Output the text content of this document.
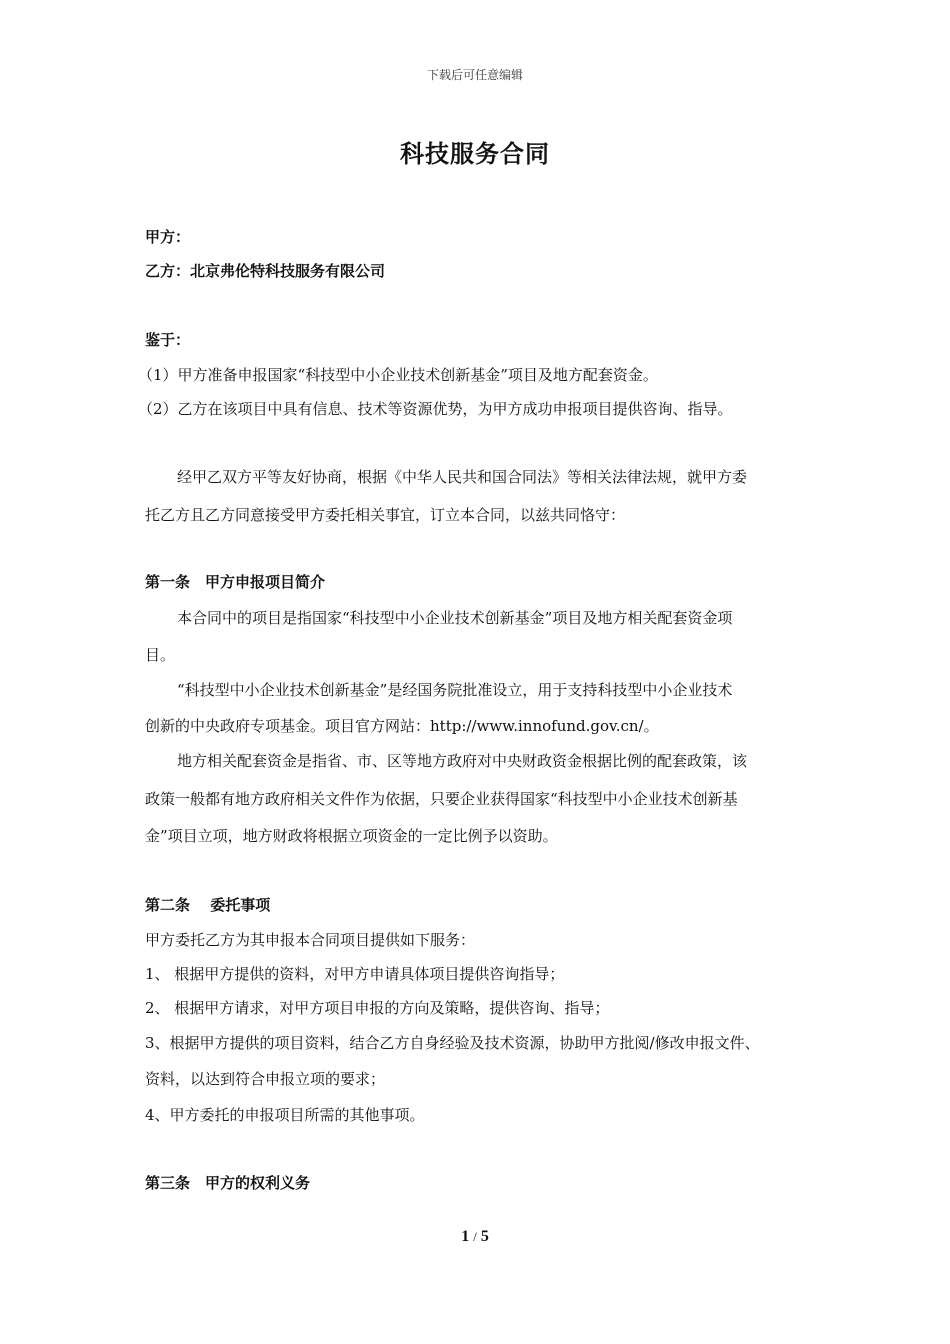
下载后可任意编辑
科技服务合同
甲方：
乙方：北京弗伦特科技服务有限公司
鉴于：
（1）甲方准备申报国家“科技型中小企业技术创新基金”项目及地方配套资金。
（2）乙方在该项目中具有信息、技术等资源优势，为甲方成功申报项目提供咨询、指导。
经甲乙双方平等友好协商，根据《中华人民共和国合同法》等相关法律法规，就甲方委
托乙方且乙方同意接受甲方委托相关事宜，订立本合同，以兹共同恪守：
第一条　甲方申报项目简介
本合同中的项目是指国家“科技型中小企业技术创新基金”项目及地方相关配套资金项
目。
“科技型中小企业技术创新基金”是经国务院批准设立，用于支持科技型中小企业技术
创新的中央政府专项基金。项目官方网站：http://www.innofund.gov.cn/。
地方相关配套资金是指省、市、区等地方政府对中央财政资金根据比例的配套政策，该
政策一般都有地方政府相关文件作为依据，只要企业获得国家“科技型中小企业技术创新基
金”项目立项，地方财政将根据立项资金的一定比例予以资助。
第二条　 委托事项
甲方委托乙方为其申报本合同项目提供如下服务：
1、 根据甲方提供的资料，对甲方申请具体项目提供咨询指导；
2、 根据甲方请求，对甲方项目申报的方向及策略，提供咨询、指导；
3、根据甲方提供的项目资料，结合乙方自身经验及技术资源，协助甲方批阅/修改申报文件、
资料，以达到符合申报立项的要求；
4、甲方委托的申报项目所需的其他事项。
第三条　甲方的权利义务
1 / 5
